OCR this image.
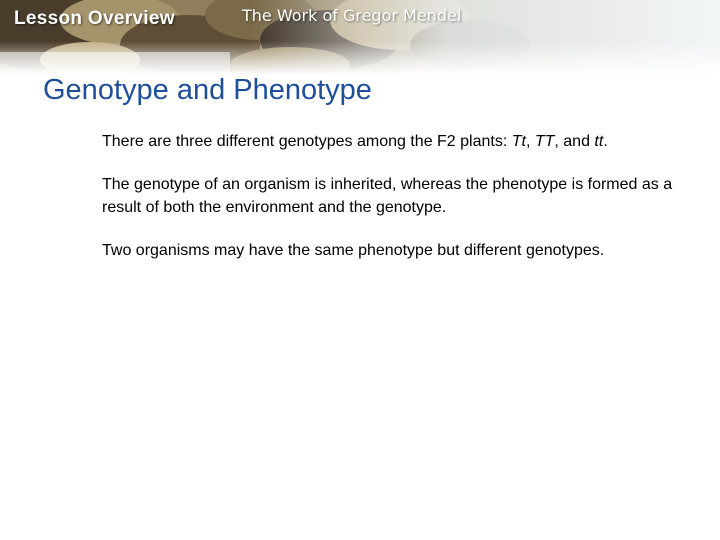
Lesson Overview	The Work of Gregor Mendel
Genotype and Phenotype

There are three different genotypes among the F2 plants: Tt, TT, and tt.

The genotype of an organism is inherited, whereas the phenotype is formed as a result of both the environment and the genotype.

Two organisms may have the same phenotype but different genotypes.
